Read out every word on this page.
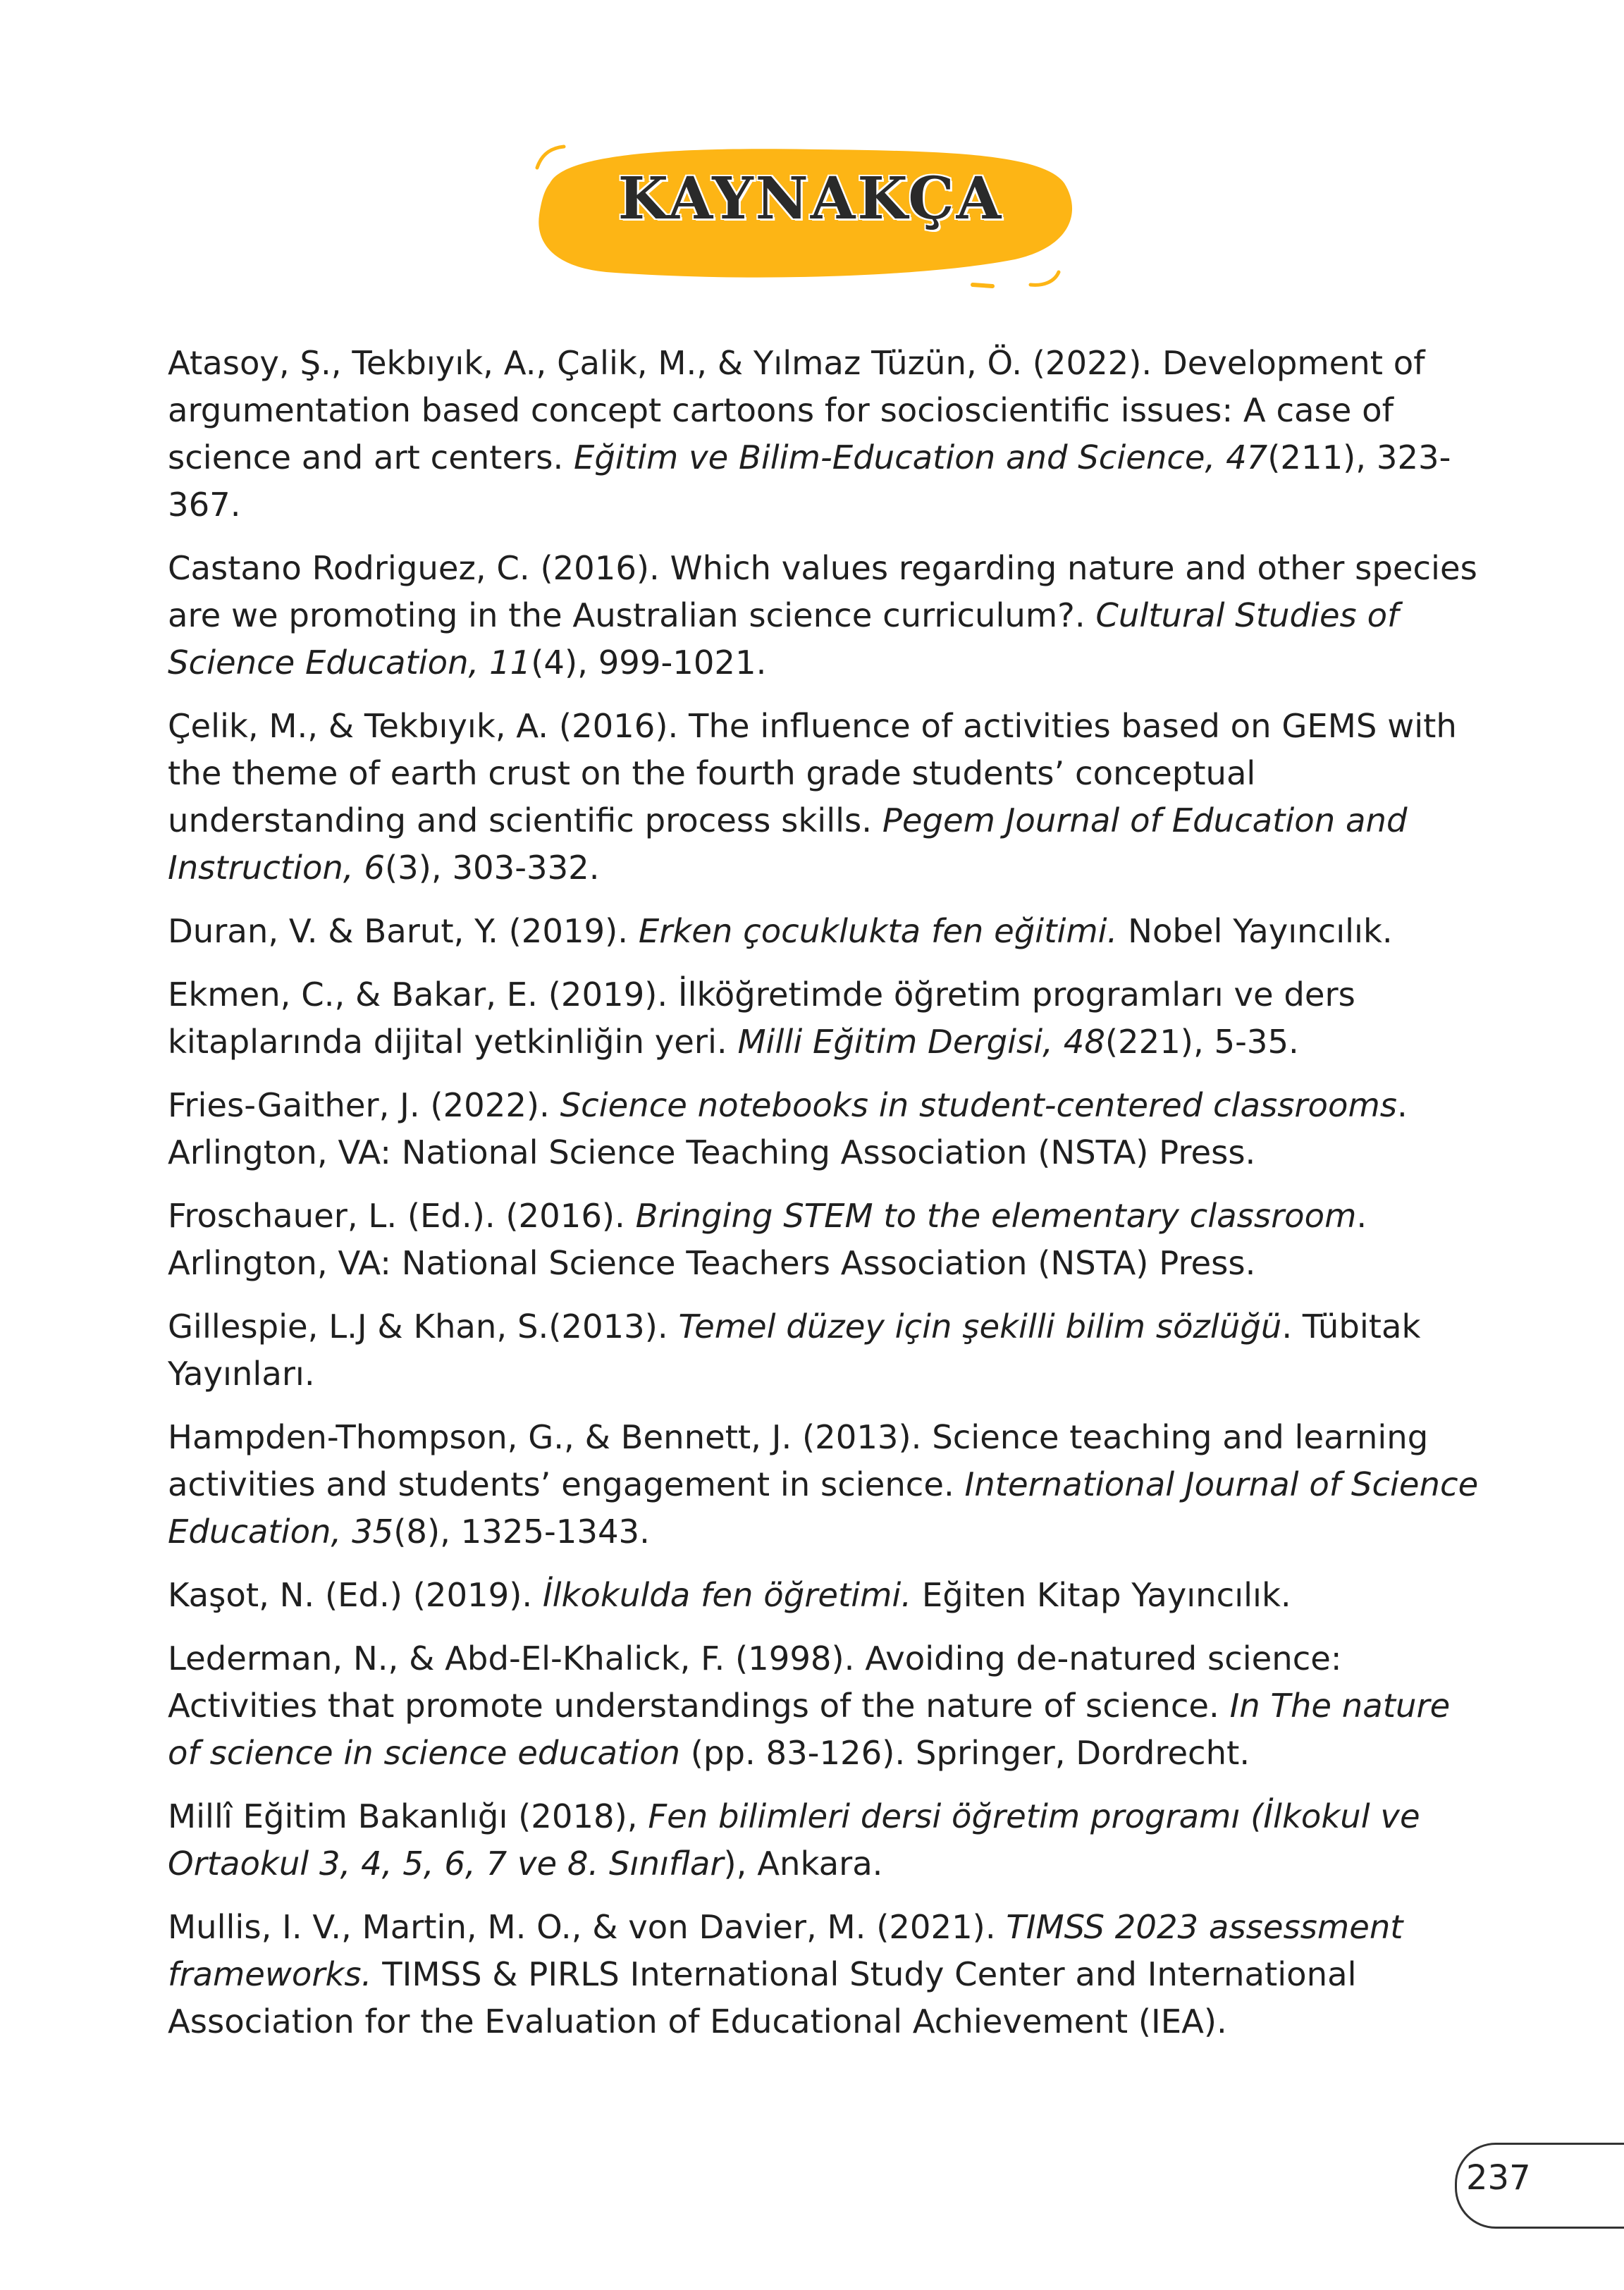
KAYNAKÇA

Atasoy, Ş., Tekbıyık, A., Çalik, M., & Yılmaz Tüzün, Ö. (2022). Development of argumentation based concept cartoons for socioscientific issues: A case of science and art centers. Eğitim ve Bilim-Education and Science, 47(211), 323-367.

Castano Rodriguez, C. (2016). Which values regarding nature and other species are we promoting in the Australian science curriculum?. Cultural Studies of Science Education, 11(4), 999-1021.

Çelik, M., & Tekbıyık, A. (2016). The influence of activities based on GEMS with the theme of earth crust on the fourth grade students’ conceptual understanding and scientific process skills. Pegem Journal of Education and Instruction, 6(3), 303-332.

Duran, V. & Barut, Y. (2019). Erken çocuklukta fen eğitimi. Nobel Yayıncılık.

Ekmen, C., & Bakar, E. (2019). İlköğretimde öğretim programları ve ders kitaplarında dijital yetkinliğin yeri. Milli Eğitim Dergisi, 48(221), 5-35.

Fries-Gaither, J. (2022). Science notebooks in student-centered classrooms. Arlington, VA: National Science Teaching Association (NSTA) Press.

Froschauer, L. (Ed.). (2016). Bringing STEM to the elementary classroom. Arlington, VA: National Science Teachers Association (NSTA) Press.

Gillespie, L.J & Khan, S.(2013). Temel düzey için şekilli bilim sözlüğü. Tübitak Yayınları.

Hampden-Thompson, G., & Bennett, J. (2013). Science teaching and learning activities and students’ engagement in science. International Journal of Science Education, 35(8), 1325-1343.

Kaşot, N. (Ed.) (2019). İlkokulda fen öğretimi. Eğiten Kitap Yayıncılık.

Lederman, N., & Abd-El-Khalick, F. (1998). Avoiding de-natured science: Activities that promote understandings of the nature of science. In The nature of science in science education (pp. 83-126). Springer, Dordrecht.

Millî Eğitim Bakanlığı (2018), Fen bilimleri dersi öğretim programı (İlkokul ve Ortaokul 3, 4, 5, 6, 7 ve 8. Sınıflar), Ankara.

Mullis, I. V., Martin, M. O., & von Davier, M. (2021). TIMSS 2023 assessment frameworks. TIMSS & PIRLS International Study Center and International Association for the Evaluation of Educational Achievement (IEA).

237
